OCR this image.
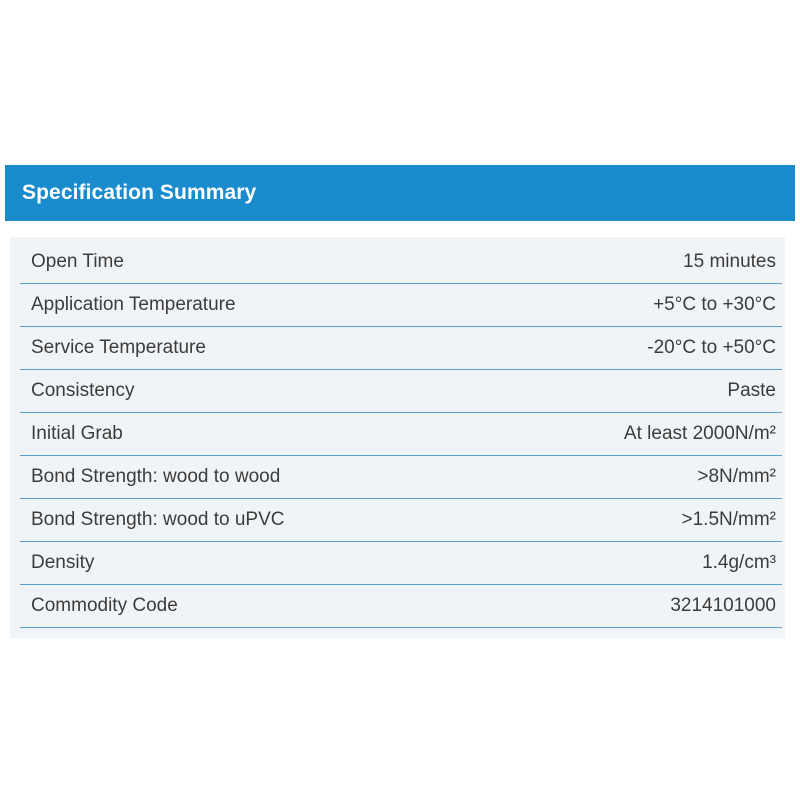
Specification Summary
Open Time	15 minutes
Application Temperature	+5°C to +30°C
Service Temperature	-20°C to +50°C
Consistency	Paste
Initial Grab	At least 2000N/m²
Bond Strength: wood to wood	>8N/mm²
Bond Strength: wood to uPVC	>1.5N/mm²
Density	1.4g/cm³
Commodity Code	3214101000
